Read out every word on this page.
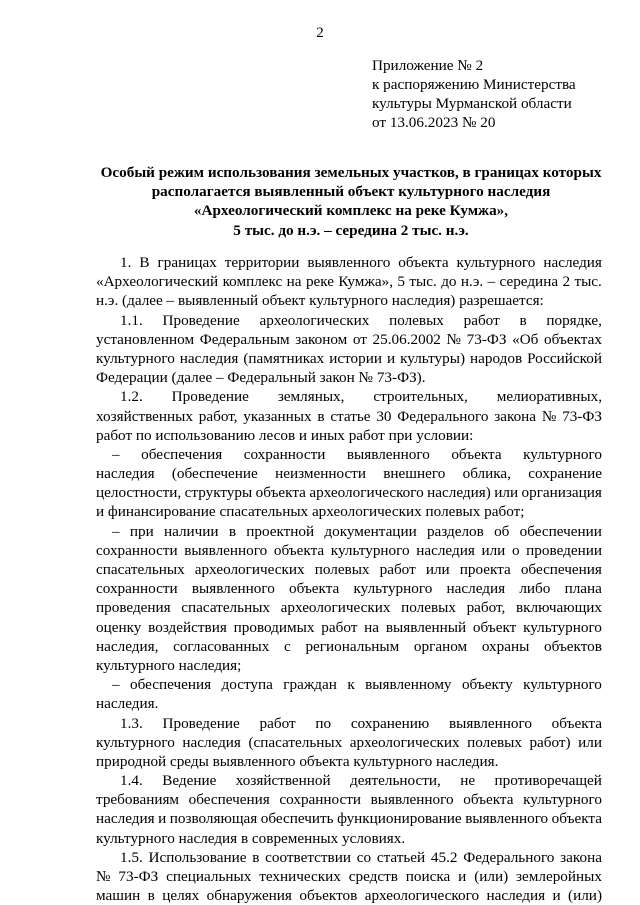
2
Приложение № 2
к распоряжению Министерства
культуры Мурманской области
от 13.06.2023 № 20
Особый режим использования земельных участков, в границах которых
располагается выявленный объект культурного наследия
«Археологический комплекс на реке Кумжа»,
5 тыс. до н.э. – середина 2 тыс. н.э.
1. В границах территории выявленного объекта культурного наследия
«Археологический комплекс на реке Кумжа», 5 тыс. до н.э. – середина 2 тыс.
н.э. (далее – выявленный объект культурного наследия) разрешается:
1.1. Проведение археологических полевых работ в порядке,
установленном Федеральным законом от 25.06.2002 № 73-ФЗ «Об объектах
культурного наследия (памятниках истории и культуры) народов Российской
Федерации (далее – Федеральный закон № 73-ФЗ).
1.2. Проведение земляных, строительных, мелиоративных,
хозяйственных работ, указанных в статье 30 Федерального закона № 73-ФЗ
работ по использованию лесов и иных работ при условии:
– обеспечения сохранности выявленного объекта культурного
наследия (обеспечение неизменности внешнего облика, сохранение
целостности, структуры объекта археологического наследия) или организация
и финансирование спасательных археологических полевых работ;
– при наличии в проектной документации разделов об обеспечении
сохранности выявленного объекта культурного наследия или о проведении
спасательных археологических полевых работ или проекта обеспечения
сохранности выявленного объекта культурного наследия либо плана
проведения спасательных археологических полевых работ, включающих
оценку воздействия проводимых работ на выявленный объект культурного
наследия, согласованных с региональным органом охраны объектов
культурного наследия;
– обеспечения доступа граждан к выявленному объекту культурного
наследия.
1.3. Проведение работ по сохранению выявленного объекта
культурного наследия (спасательных археологических полевых работ) или
природной среды выявленного объекта культурного наследия.
1.4. Ведение хозяйственной деятельности, не противоречащей
требованиям обеспечения сохранности выявленного объекта культурного
наследия и позволяющая обеспечить функционирование выявленного объекта
культурного наследия в современных условиях.
1.5. Использование в соответствии со статьей 45.2 Федерального закона
№ 73-ФЗ специальных технических средств поиска и (или) землеройных
машин в целях обнаружения объектов археологического наследия и (или)
